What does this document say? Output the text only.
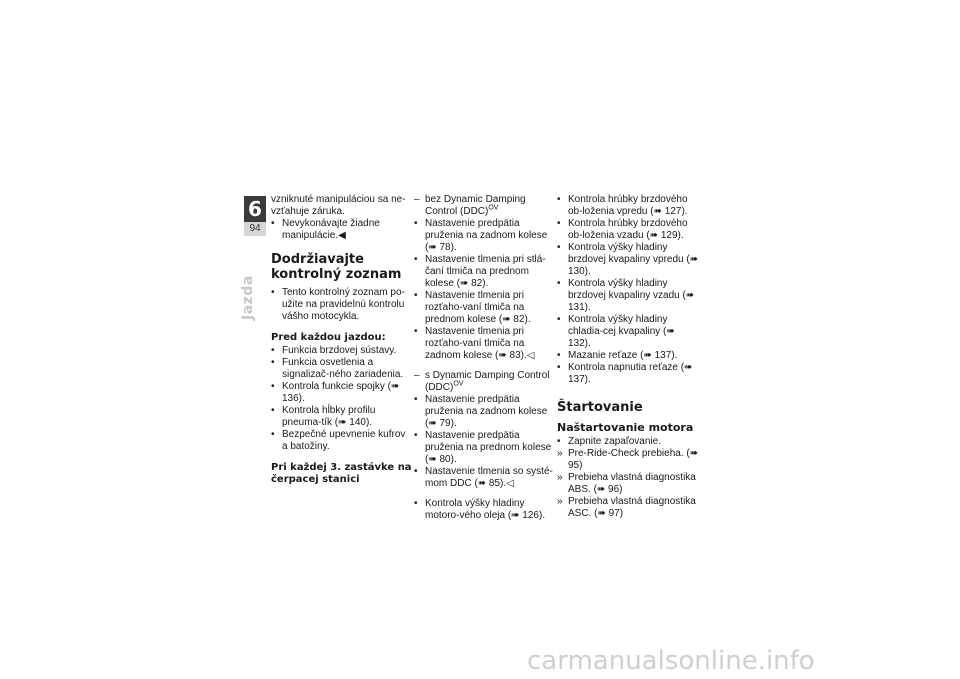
6
94
Jazda

vzniknuté manipuláciou sa ne-vzťahuje záruka.

• Nevykonávajte žiadne manipulácie.◀
Dodržiavajte kontrolný zoznam
• Tento kontrolný zoznam po-užite na pravidelnú kontrolu vášho motocykla.
Pred každou jazdou:
• Funkcia brzdovej sústavy.
• Funkcia osvetlenia a signalizač-ného zariadenia.
• Kontrola funkcie spojky (➠ 136).
• Kontrola hĺbky profilu pneuma-tík (➠ 140).
• Bezpečné upevnenie kufrov a batožiny.
Pri každej 3. zastávke na čerpacej stanici
– bez Dynamic Damping Control (DDC)$^{OV}$
• Nastavenie predpätia pruženia na zadnom kolese (➠ 78).
• Nastavenie tlmenia pri stlá-čaní tlmiča na prednom kolese (➠ 82).
• Nastavenie tlmenia pri rozťaho-vaní tlmiča na prednom kolese (➠ 82).
• Nastavenie tlmenia pri rozťaho-vaní tlmiča na zadnom kolese (➠ 83).◁
– s Dynamic Damping Control (DDC)$^{OV}$
• Nastavenie predpätia pruženia na zadnom kolese (➠ 79).
• Nastavenie predpätia pruženia na prednom kolese (➠ 80).
• Nastavenie tlmenia so systé-mom DDC (➠ 85).◁
• Kontrola výšky hladiny motoro-vého oleja (➠ 126).
• Kontrola hrúbky brzdového ob-loženia vpredu (➠ 127).
• Kontrola hrúbky brzdového ob-loženia vzadu (➠ 129).
• Kontrola výšky hladiny brzdovej kvapaliny vpredu (➠ 130).
• Kontrola výšky hladiny brzdovej kvapaliny vzadu (➠ 131).
• Kontrola výšky hladiny chladia-cej kvapaliny (➠ 132).
• Mazanie reťaze (➠ 137).
• Kontrola napnutia reťaze (➠ 137).
Štartovanie
Naštartovanie motora
• Zapnite zapaľovanie.
» Pre-Ride-Check prebieha. (➠ 95)
» Prebieha vlastná diagnostika ABS. (➠ 96)
» Prebieha vlastná diagnostika ASC. (➠ 97)
carmanualsonline.info
